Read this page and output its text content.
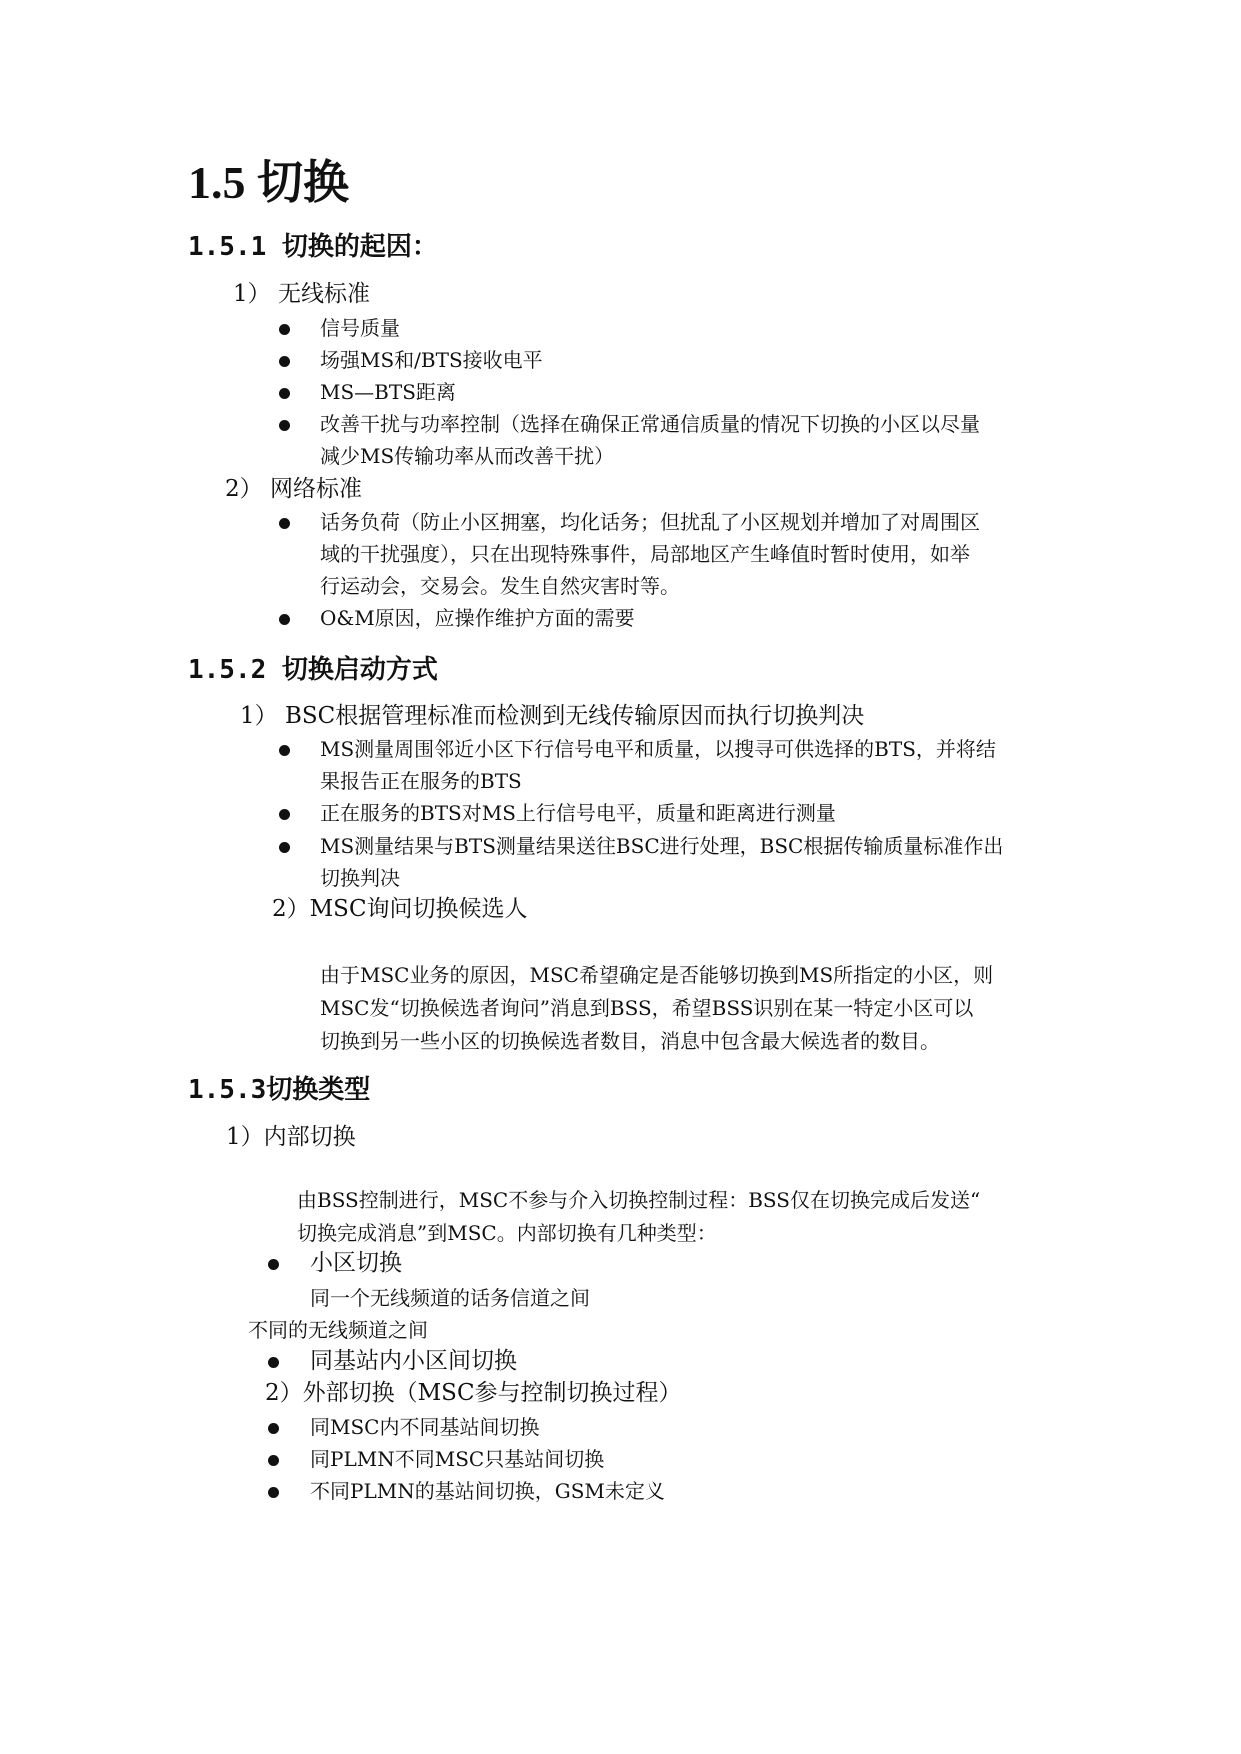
1.5 切换
1.5.1 切换的起因：
1） 无线标准
信号质量
场强MS和/BTS接收电平
MS—BTS距离
改善干扰与功率控制（选择在确保正常通信质量的情况下切换的小区以尽量
减少MS传输功率从而改善干扰）
2） 网络标准
话务负荷（防止小区拥塞，均化话务；但扰乱了小区规划并增加了对周围区
域的干扰强度），只在出现特殊事件，局部地区产生峰值时暂时使用，如举
行运动会，交易会。发生自然灾害时等。
O&M原因，应操作维护方面的需要
1.5.2 切换启动方式
1） BSC根据管理标准而检测到无线传输原因而执行切换判决
MS测量周围邻近小区下行信号电平和质量，以搜寻可供选择的BTS，并将结
果报告正在服务的BTS
正在服务的BTS对MS上行信号电平，质量和距离进行测量
MS测量结果与BTS测量结果送往BSC进行处理，BSC根据传输质量标准作出
切换判决
2）MSC询问切换候选人
由于MSC业务的原因，MSC希望确定是否能够切换到MS所指定的小区，则
MSC发“切换候选者询问”消息到BSS，希望BSS识别在某一特定小区可以
切换到另一些小区的切换候选者数目，消息中包含最大候选者的数目。
1.5.3切换类型
1）内部切换
由BSS控制进行，MSC不参与介入切换控制过程：BSS仅在切换完成后发送“
切换完成消息”到MSC。内部切换有几种类型：
小区切换
同一个无线频道的话务信道之间
不同的无线频道之间
同基站内小区间切换
2）外部切换（MSC参与控制切换过程）
同MSC内不同基站间切换
同PLMN不同MSC只基站间切换
不同PLMN的基站间切换，GSM未定义
